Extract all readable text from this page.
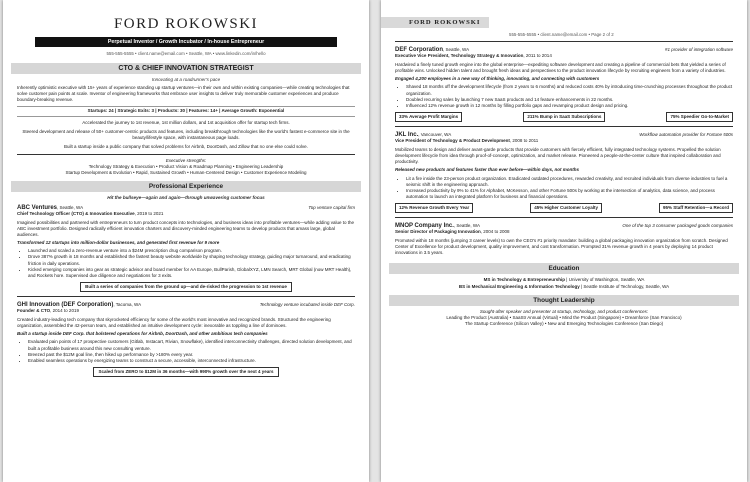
FORD ROKOWSKI
Perpetual Inventor / Growth Incubator / In-house Entrepreneur
555-555-5555 • client.name@email.com • Seattle, WA • www.linkedin.com/in/hello
CTO & CHIEF INNOVATION STRATEGIST
Innovating at a roadrunner's pace

Inherently optimistic executive with 15+ years of experience standing up startup ventures—in their own and within existing companies—while creating technologies that solve customer pain points at scale. Inventor of engineering frameworks that embrace user insights to deliver truly memorable customer experiences and produce boundary-breaking revenue.

Startups: 24 | Strategic Exits: 3 | Products: 30 | Features: 14+ | Average Growth: Exponential

Accelerated the journey to 1st revenue, 1st million dollars, and 1st acquisition offer for startup tech firms.

Steered development and release of 50+ customer-centric products and features, including breakthrough technologies like the world's fastest e-commerce site in the beauty/lifestyle space, with instantaneous page loads.

Built a startup inside a public company that solved problems for Airbnb, DoorDash, and Zillow that no one else could solve.

Executive strengths:

Technology Strategy & Execution • Product Vision & Roadmap Planning • Engineering Leadership
Startup Development & Evolution • Rapid, Sustained Growth • Human-Centered Design • Customer Experience Modeling
Professional Experience
Hit the bullseye—again and again—through unwavering customer focus
ABC Ventures, Seattle, WA	Top venture capital firm
Chief Technology Officer (CTO) & Innovation Executive, 2019 to 2021

Imagined possibilities and partnered with entrepreneurs to turn product concepts into technologies, and business ideas into profitable ventures—while adding value to the ABC investment portfolio. Designed radically efficient innovation charters and discovery-minded engineering teams to develop products that amass large, global audiences.

Transformed 12 startups into million-dollar businesses, and generated first revenue for 9 more
• Launched and scaled a zero-revenue venture into a $24M prescription drug comparison program.
• Drove 387% growth in 18 months and established the fastest beauty website worldwide by shaping technology strategy, guiding major turnaround, and eradicating friction in daily operations.
• Kicked emerging companies into gear as strategic advisor and board member for AA Europe, BullParish, GlobalXYZ, LMN Search, MRT Global (now MRT Health), and Rockets hore. Supervised due diligence and negotiations for 3 exits.
Built a series of companies from the ground up—and de-risked the progression to 1st revenue
GHI Innovation (DEF Corporation), Tacoma, WA	Technology venture incubated inside DEF Corp.
Founder & CTO, 2014 to 2019

Created industry-leading tech company that skyrocketed efficiency for some of the world's most innovative and recognized brands. Structured the engineering organization, assembled the 42-person team, and established an intuitive development cycle: inexorable as toppling a line of dominoes.

Built a startup inside DEF Corp. that bolstered operations for Airbnb, DoorDash, and other ambitious tech companies
• Evaluated pain points of 17 prospective customers (Gitlab, Instacart, Rivian, Snowflake), identified interconnectivity challenges, directed solution development, and built a profitable business around this new consulting venture.
• Breezed past the $12M goal line, then hiked up performance by >180% every year.
• Enabled seamless operations by energizing teams to construct a secure, accessible, interconnected infrastructure.
Scaled from ZERO to $12M in 36 months—with 990% growth over the next 4 years
FORD ROKOWSKI
555-555-5555 • client.name@email.com • Page 2 of 2
DEF Corporation, Seattle, WA	#1 provider of integration software
Executive Vice President, Technology Strategy & Innovation, 2011 to 2014

Hardwired a finely tuned growth engine into the global enterprise—expediting software development and creating a pipeline of commercial bets that yielded a series of profitable wins. Unlocked hidden talent and brought fresh ideas and perspectives to the product innovation lifecycle by recruiting engineers from a variety of industries.

Engaged 4,200 employees in a new way of thinking, innovating, and connecting with customers
• Shaved 18 months off the development lifecycle (from 2 years to 6 months) and reduced costs 40% by introducing time-crunching processes throughout the product organization.
• Doubled recurring sales by launching 7 new SaaS products and 14 feature enhancements in 22 months.
• Influenced 12% revenue growth in 12 months by filling portfolio gaps and revamping product design and pricing.
33% Average Profit Margins	211% Bump in SaaS Subscriptions	75% Speedier Go-to-Market
JKL Inc., Vancouver, WA	Workflow automation provider for Fortune 500s
Vice President of Technology & Product Development, 2008 to 2011

Mobilized teams to design and deliver avant-garde products that provide customers with fiercely efficient, fully integrated technology systems. Propelled the solution development lifecycle from idea through proof-of-concept, optimization, and market release. Pioneered a people-at-the-center culture that inspired collaboration and productivity.

Released new products and features faster than ever before—within days, not months
• Lit a fire inside the 23-person product organization. Eradicated outdated procedures, rewarded creativity, and recruited individuals from diverse industries to fuel a seismic shift in the engineering approach.
• Increased productivity by 9% to 41% for Alphabet, McKesson, and other Fortune 500s by working at the intersection of analytics, data science, and process automation to launch an integrated platform for business and financial operations.
12% Revenue Growth Every Year	45% Higher Customer Loyalty	95% Staff Retention—a Record
MNOP Company Inc., Seattle, WA	One of the top 3 consumer packaged goods companies
Senior Director of Packaging Innovation, 2004 to 2008

Promoted within 18 months (jumping 3 career levels) to own the CEO's #1 priority mandate: building a global packaging innovation organization from scratch. Designed Center of Excellence for product development, quality improvement, and cost transformation. Prompted 31% revenue growth in 4 years by deploying 14 product innovations in 3.5 years.

Education
MS in Technology & Entrepreneurship | University of Washington, Seattle, WA
BS in Mechanical Engineering & Information Technology | Seattle Institute of Technology, Seattle, WA
Thought Leadership
Sought-after speaker and presenter at startup, technology, and product conferences:
Leading the Product (Australia) • SaaStr Annual (Virtual) • Mind the Product (Singapore) • Dreamforce (San Francisco)
The Startup Conference (Silicon Valley) • New and Emerging Technologies Conference (San Diego)
